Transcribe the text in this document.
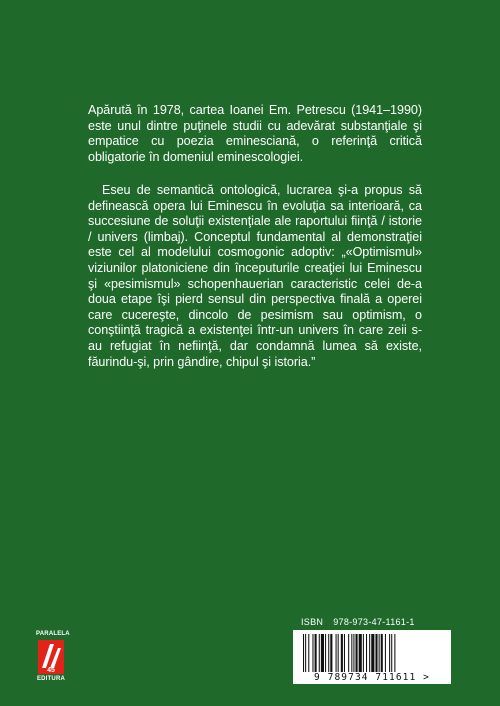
Apărută în 1978, cartea Ioanei Em. Petrescu (1941–1990) este unul dintre puţinele studii cu adevărat substanţiale şi empatice cu poezia eminesciană, o referinţă critică obligatorie în domeniul eminescologiei.

Eseu de semantică ontologică, lucrarea şi-a propus să definească opera lui Eminescu în evoluţia sa interioară, ca succesiune de soluţii existenţiale ale raportului fiinţă / istorie / univers (limbaj). Conceptul fundamental al demonstraţiei este cel al modelului cosmogonic adoptiv: „«Optimismul» viziunilor platoniciene din începuturile creaţiei lui Eminescu şi «pesimismul» schopenhauerian caracteristic celei de-a doua etape îşi pierd sensul din perspectiva finală a operei care cucereşte, dincolo de pesimism sau optimism, o conştiinţă tragică a existenţei într-un univers în care zeii s-au refugiat în nefiinţă, dar condamnă lumea să existe, făurindu-şi, prin gândire, chipul şi istoria.”

ISBN 978-973-47-1161-1
9 789734 711611 >
PARALELA
45
EDITURA
